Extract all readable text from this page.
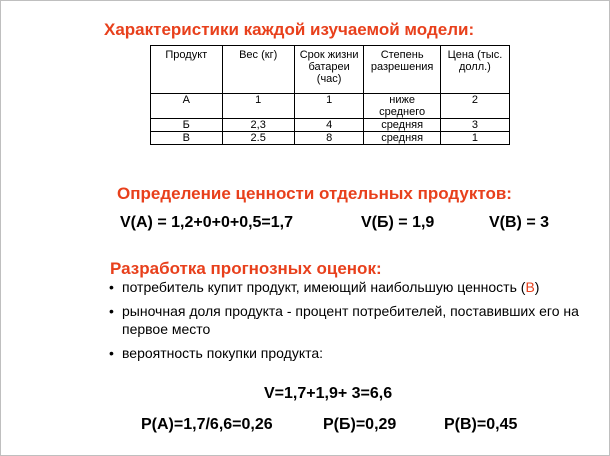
Характеристики каждой изучаемой модели:
Продукт	Вес (кг)	Срок жизни батареи (час)	Степень разрешения	Цена (тыс. долл.)
А	1	1	ниже среднего	2
Б	2,3	4	средняя	3
В	2.5	8	средняя	1
Определение ценности отдельных продуктов:
V(A) = 1,2+0+0+0,5=1,7	V(Б) = 1,9	V(B) = 3
Разработка прогнозных оценок:
• потребитель купит продукт, имеющий наибольшую ценность (В)
• рыночная доля продукта - процент потребителей, поставивших его на первое место
• вероятность покупки продукта:
V=1,7+1,9+ 3=6,6
P(A)=1,7/6,6=0,26	P(Б)=0,29	P(B)=0,45
